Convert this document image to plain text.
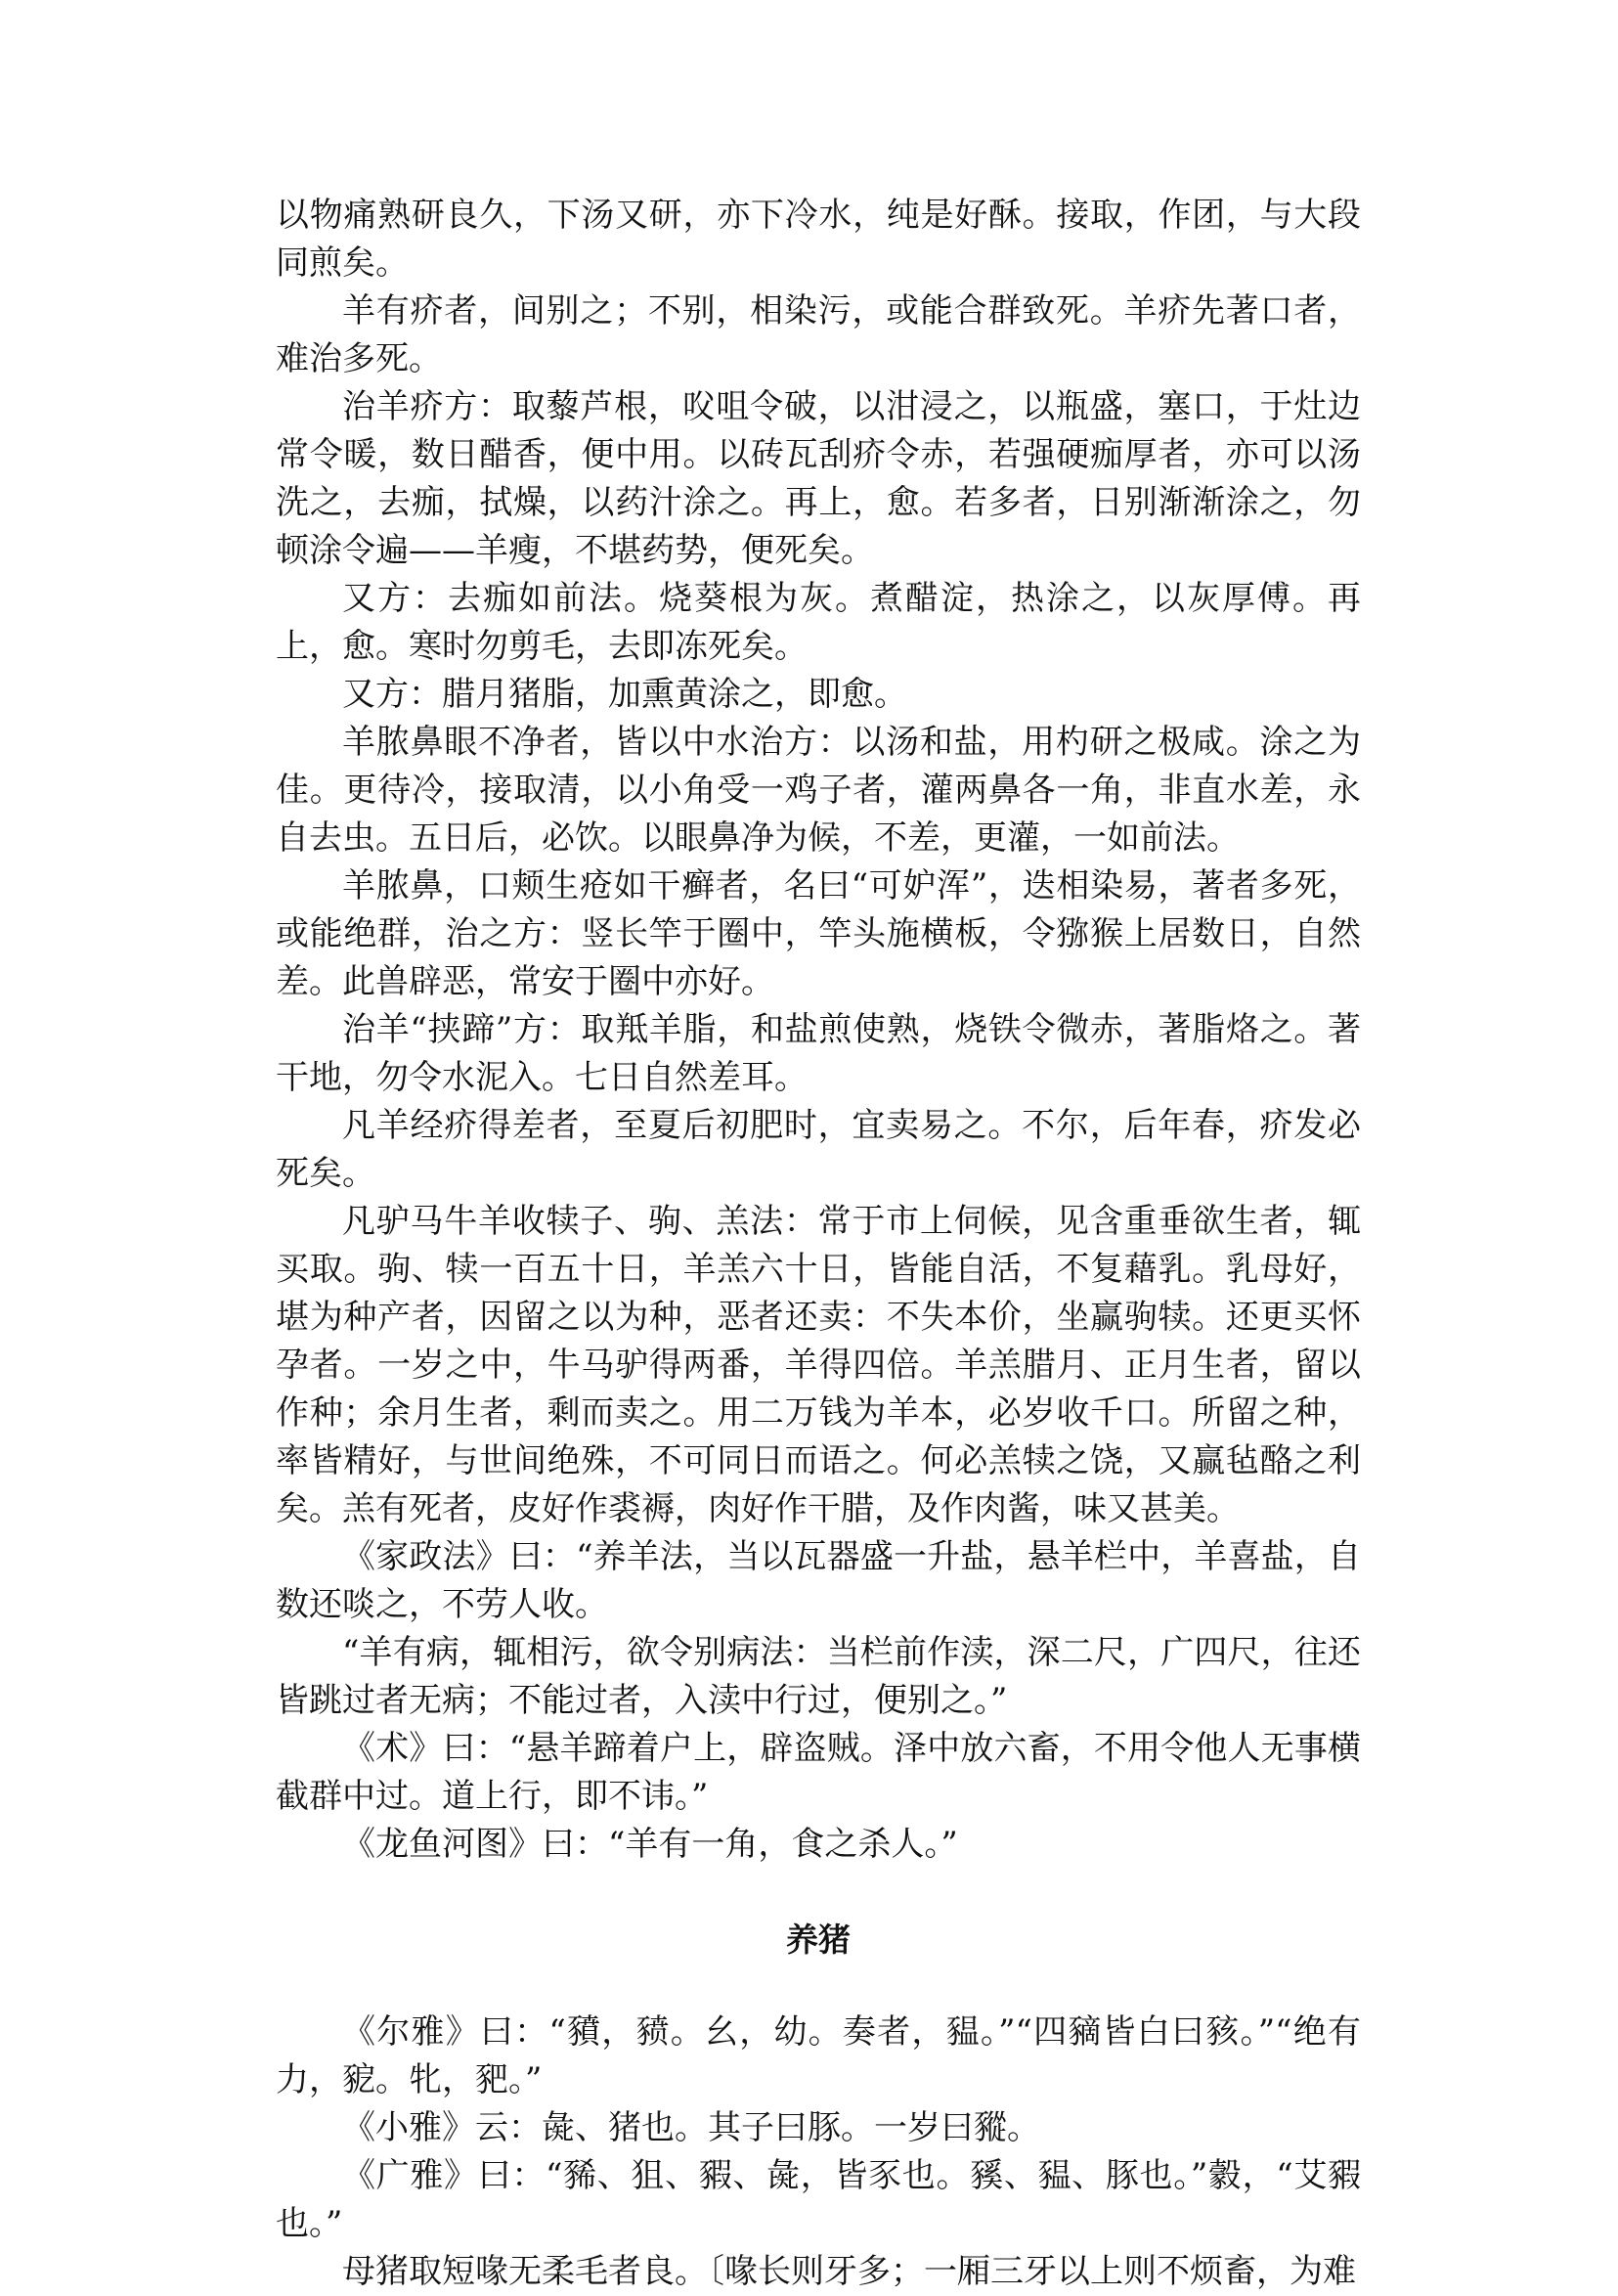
以物痛熟研良久，下汤又研，亦下冷水，纯是好酥。接取，作团，与大段同煎矣。

羊有疥者，间别之；不别，相染污，或能合群致死。羊疥先著口者，难治多死。

治羊疥方：取藜芦根，㕮咀令破，以泔浸之，以瓶盛，塞口，于灶边常令暖，数日醋香，便中用。以砖瓦刮疥令赤，若强硬痂厚者，亦可以汤洗之，去痂，拭燥，以药汁涂之。再上，愈。若多者，日别渐渐涂之，勿顿涂令遍——羊瘦，不堪药势，便死矣。

又方：去痂如前法。烧葵根为灰。煮醋淀，热涂之，以灰厚傅。再上，愈。寒时勿剪毛，去即冻死矣。

又方：腊月猪脂，加熏黄涂之，即愈。

羊脓鼻眼不净者，皆以中水治方：以汤和盐，用杓研之极咸。涂之为佳。更待冷，接取清，以小角受一鸡子者，灌两鼻各一角，非直水差，永自去虫。五日后，必饮。以眼鼻净为候，不差，更灌，一如前法。

羊脓鼻，口颊生疮如干癣者，名曰“可妒浑”，迭相染易，著者多死，或能绝群，治之方：竖长竿于圈中，竿头施横板，令猕猴上居数日，自然差。此兽辟恶，常安于圈中亦好。

治羊“挟蹄”方：取羝羊脂，和盐煎使熟，烧铁令微赤，著脂烙之。著干地，勿令水泥入。七日自然差耳。

凡羊经疥得差者，至夏后初肥时，宜卖易之。不尔，后年春，疥发必死矣。

凡驴马牛羊收犊子、驹、羔法：常于市上伺候，见含重垂欲生者，辄买取。驹、犊一百五十日，羊羔六十日，皆能自活，不复藉乳。乳母好，堪为种产者，因留之以为种，恶者还卖：不失本价，坐赢驹犊。还更买怀孕者。一岁之中，牛马驴得两番，羊得四倍。羊羔腊月、正月生者，留以作种；余月生者，剩而卖之。用二万钱为羊本，必岁收千口。所留之种，率皆精好，与世间绝殊，不可同日而语之。何必羔犊之饶，又赢毡酪之利矣。羔有死者，皮好作裘褥，肉好作干腊，及作肉酱，味又甚美。

《家政法》曰：“养羊法，当以瓦器盛一升盐，悬羊栏中，羊喜盐，自数还啖之，不劳人收。

“羊有病，辄相污，欲令别病法：当栏前作渎，深二尺，广四尺，往还皆跳过者无病；不能过者，入渎中行过，便别之。”

《术》曰：“悬羊蹄着户上，辟盗贼。泽中放六畜，不用令他人无事横截群中过。道上行，即不讳。”

《龙鱼河图》曰：“羊有一角，食之杀人。”

养猪

《尔雅》曰：“豶，豮。幺，幼。奏者，豱。”“四豴皆白曰豥。”“绝有力，豟。牝，豝。”

《小雅》云：彘、猪也。其子曰豚。一岁曰豵。

《广雅》曰：“豨、狙、豭、彘，皆豕也。豯、豱、豚也。”豰，“艾豭也。”

母猪取短喙无柔毛者良。〔喙长则牙多；一厢三牙以上则不烦畜，为难
